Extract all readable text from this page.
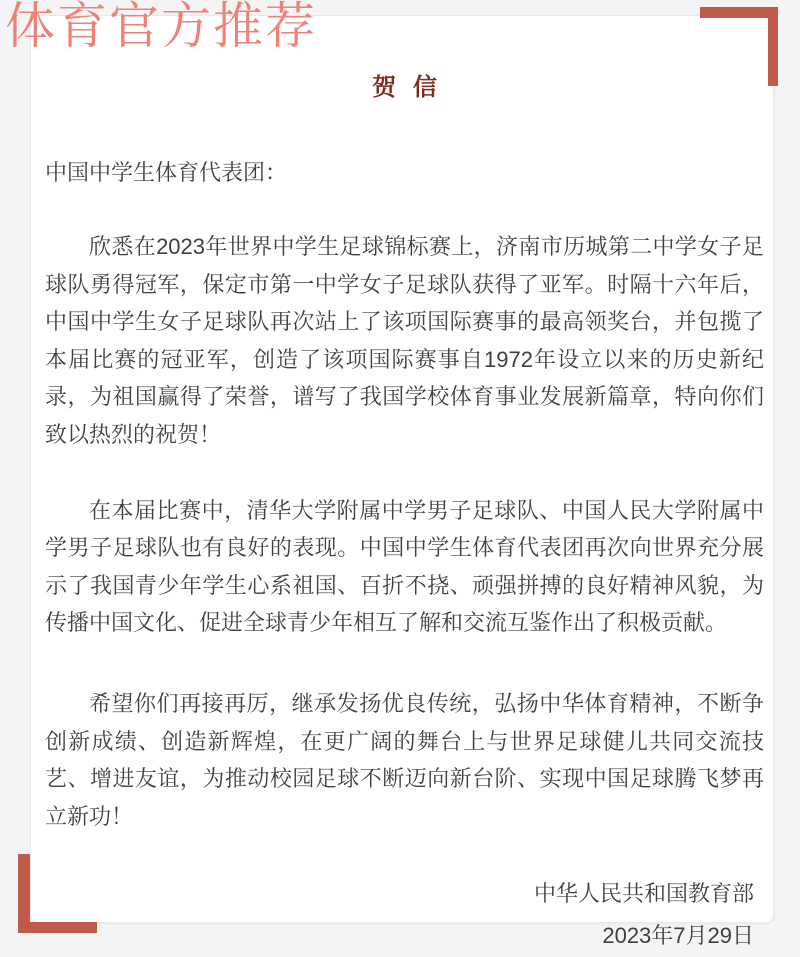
贺 信

中国中学生体育代表团：

欣悉在2023年世界中学生足球锦标赛上，济南市历城第二中学女子足球队勇得冠军，保定市第一中学女子足球队获得了亚军。时隔十六年后，中国中学生女子足球队再次站上了该项国际赛事的最高领奖台，并包揽了本届比赛的冠亚军，创造了该项国际赛事自1972年设立以来的历史新纪录，为祖国赢得了荣誉，谱写了我国学校体育事业发展新篇章，特向你们致以热烈的祝贺！

在本届比赛中，清华大学附属中学男子足球队、中国人民大学附属中学男子足球队也有良好的表现。中国中学生体育代表团再次向世界充分展示了我国青少年学生心系祖国、百折不挠、顽强拼搏的良好精神风貌，为传播中国文化、促进全球青少年相互了解和交流互鉴作出了积极贡献。

希望你们再接再厉，继承发扬优良传统，弘扬中华体育精神，不断争创新成绩、创造新辉煌，在更广阔的舞台上与世界足球健儿共同交流技艺、增进友谊，为推动校园足球不断迈向新台阶、实现中国足球腾飞梦再立新功！

中华人民共和国教育部

2023年7月29日

体育官方推荐
